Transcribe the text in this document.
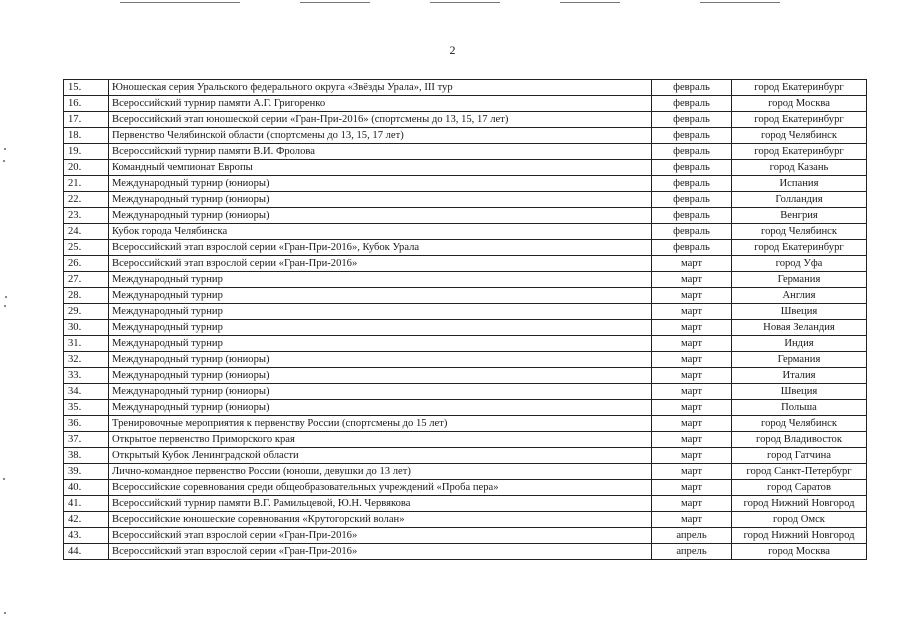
2
15.	Юношеская серия Уральского федерального округа «Звёзды Урала», III тур	февраль	город Екатеринбург
16.	Всероссийский турнир памяти А.Г. Григоренко	февраль	город Москва
17.	Всероссийский этап юношеской серии «Гран-При-2016» (спортсмены до 13, 15, 17 лет)	февраль	город Екатеринбург
18.	Первенство Челябинской области (спортсмены до 13, 15, 17 лет)	февраль	город Челябинск
19.	Всероссийский турнир памяти В.И. Фролова	февраль	город Екатеринбург
20.	Командный чемпионат Европы	февраль	город Казань
21.	Международный турнир (юниоры)	февраль	Испания
22.	Международный турнир (юниоры)	февраль	Голландия
23.	Международный турнир (юниоры)	февраль	Венгрия
24.	Кубок города Челябинска	февраль	город Челябинск
25.	Всероссийский этап взрослой серии «Гран-При-2016», Кубок Урала	февраль	город Екатеринбург
26.	Всероссийский этап взрослой серии «Гран-При-2016»	март	город Уфа
27.	Международный турнир	март	Германия
28.	Международный турнир	март	Англия
29.	Международный турнир	март	Швеция
30.	Международный турнир	март	Новая Зеландия
31.	Международный турнир	март	Индия
32.	Международный турнир (юниоры)	март	Германия
33.	Международный турнир (юниоры)	март	Италия
34.	Международный турнир (юниоры)	март	Швеция
35.	Международный турнир (юниоры)	март	Польша
36.	Тренировочные мероприятия к первенству России (спортсмены до 15 лет)	март	город Челябинск
37.	Открытое первенство Приморского края	март	город Владивосток
38.	Открытый Кубок Ленинградской области	март	город Гатчина
39.	Лично-командное первенство России (юноши, девушки до 13 лет)	март	город Санкт-Петербург
40.	Всероссийские соревнования среди общеобразовательных учреждений «Проба пера»	март	город Саратов
41.	Всероссийский турнир памяти В.Г. Рамильцевой, Ю.Н. Червякова	март	город Нижний Новгород
42.	Всероссийские юношеские соревнования «Крутогорский волан»	март	город Омск
43.	Всероссийский этап взрослой серии «Гран-При-2016»	апрель	город Нижний Новгород
44.	Всероссийский этап взрослой серии «Гран-При-2016»	апрель	город Москва
